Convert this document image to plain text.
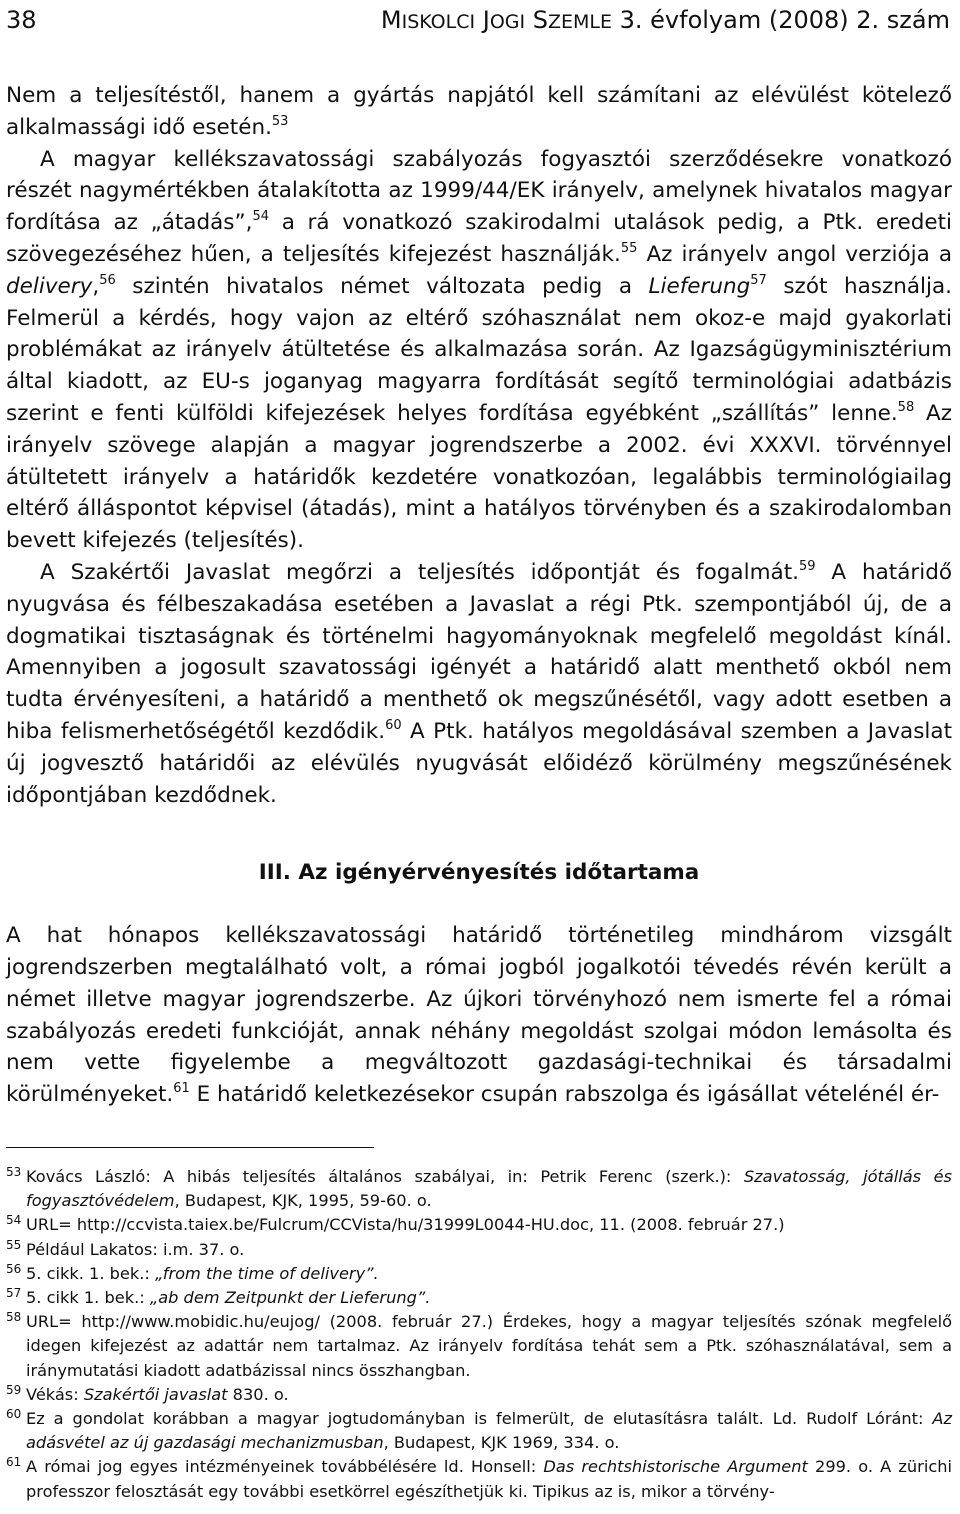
38	MISKOLCI JOGI SZEMLE 3. évfolyam (2008) 2. szám

Nem a teljesítéstől, hanem a gyártás napjától kell számítani az elévülést kötelező alkalmassági idő esetén.$^{53}$

A magyar kellékszavatossági szabályozás fogyasztói szerződésekre vonatkozó részét nagymértékben átalakította az 1999/44/EK irányelv, amelynek hivatalos magyar fordítása az „átadás”,$^{54}$ a rá vonatkozó szakirodalmi utalások pedig, a Ptk. eredeti szövegezéséhez hűen, a teljesítés kifejezést használják.$^{55}$ Az irányelv angol verziója a delivery,$^{56}$ szintén hivatalos német változata pedig a Lieferung$^{57}$ szót használja. Felmerül a kérdés, hogy vajon az eltérő szóhasználat nem okoz-e majd gyakorlati problémákat az irányelv átültetése és alkalmazása során. Az Igazságügyminisztérium által kiadott, az EU-s joganyag magyarra fordítását segítő terminológiai adatbázis szerint e fenti külföldi kifejezések helyes fordítása egyébként „szállítás” lenne.$^{58}$ Az irányelv szövege alapján a magyar jogrendszerbe a 2002. évi XXXVI. törvénnyel átültetett irányelv a határidők kezdetére vonatkozóan, legalábbis terminológiailag eltérő álláspontot képvisel (átadás), mint a hatályos törvényben és a szakirodalomban bevett kifejezés (teljesítés).

A Szakértői Javaslat megőrzi a teljesítés időpontját és fogalmát.$^{59}$ A határidő nyugvása és félbeszakadása esetében a Javaslat a régi Ptk. szempontjából új, de a dogmatikai tisztaságnak és történelmi hagyományoknak megfelelő megoldást kínál. Amennyiben a jogosult szavatossági igényét a határidő alatt menthető okból nem tudta érvényesíteni, a határidő a menthető ok megszűnésétől, vagy adott esetben a hiba felismerhetőségétől kezdődik.$^{60}$ A Ptk. hatályos megoldásával szemben a Javaslat új jogvesztő határidői az elévülés nyugvását előidéző körülmény megszűnésének időpontjában kezdődnek.

III. Az igényérvényesítés időtartama

A hat hónapos kellékszavatossági határidő történetileg mindhárom vizsgált jogrendszerben megtalálható volt, a római jogból jogalkotói tévedés révén került a német illetve magyar jogrendszerbe. Az újkori törvényhozó nem ismerte fel a római szabályozás eredeti funkcióját, annak néhány megoldást szolgai módon lemásolta és nem vette figyelembe a megváltozott gazdasági-technikai és társadalmi körülményeket.$^{61}$ E határidő keletkezésekor csupán rabszolga és igásállat vételénél ér-

53 Kovács László: A hibás teljesítés általános szabályai, in: Petrik Ferenc (szerk.): Szavatosság, jótállás és fogyasztóvédelem, Budapest, KJK, 1995, 59-60. o.

54 URL= http://ccvista.taiex.be/Fulcrum/CCVista/hu/31999L0044-HU.doc, 11. (2008. február 27.)

55 Például Lakatos: i.m. 37. o.

56 5. cikk. 1. bek.: „from the time of delivery”.

57 5. cikk 1. bek.: „ab dem Zeitpunkt der Lieferung”.

58 URL= http://www.mobidic.hu/eujog/ (2008. február 27.) Érdekes, hogy a magyar teljesítés szónak megfelelő idegen kifejezést az adattár nem tartalmaz. Az irányelv fordítása tehát sem a Ptk. szóhasználatával, sem a iránymutatási kiadott adatbázissal nincs összhangban.

59 Vékás: Szakértői javaslat 830. o.

60 Ez a gondolat korábban a magyar jogtudományban is felmerült, de elutasításra talált. Ld. Rudolf Lóránt: Az adásvétel az új gazdasági mechanizmusban, Budapest, KJK 1969, 334. o.

61 A római jog egyes intézményeinek továbbélésére ld. Honsell: Das rechtshistorische Argument 299. o. A zürichi professzor felosztását egy további esetkörrel egészíthetjük ki. Tipikus az is, mikor a törvény-
